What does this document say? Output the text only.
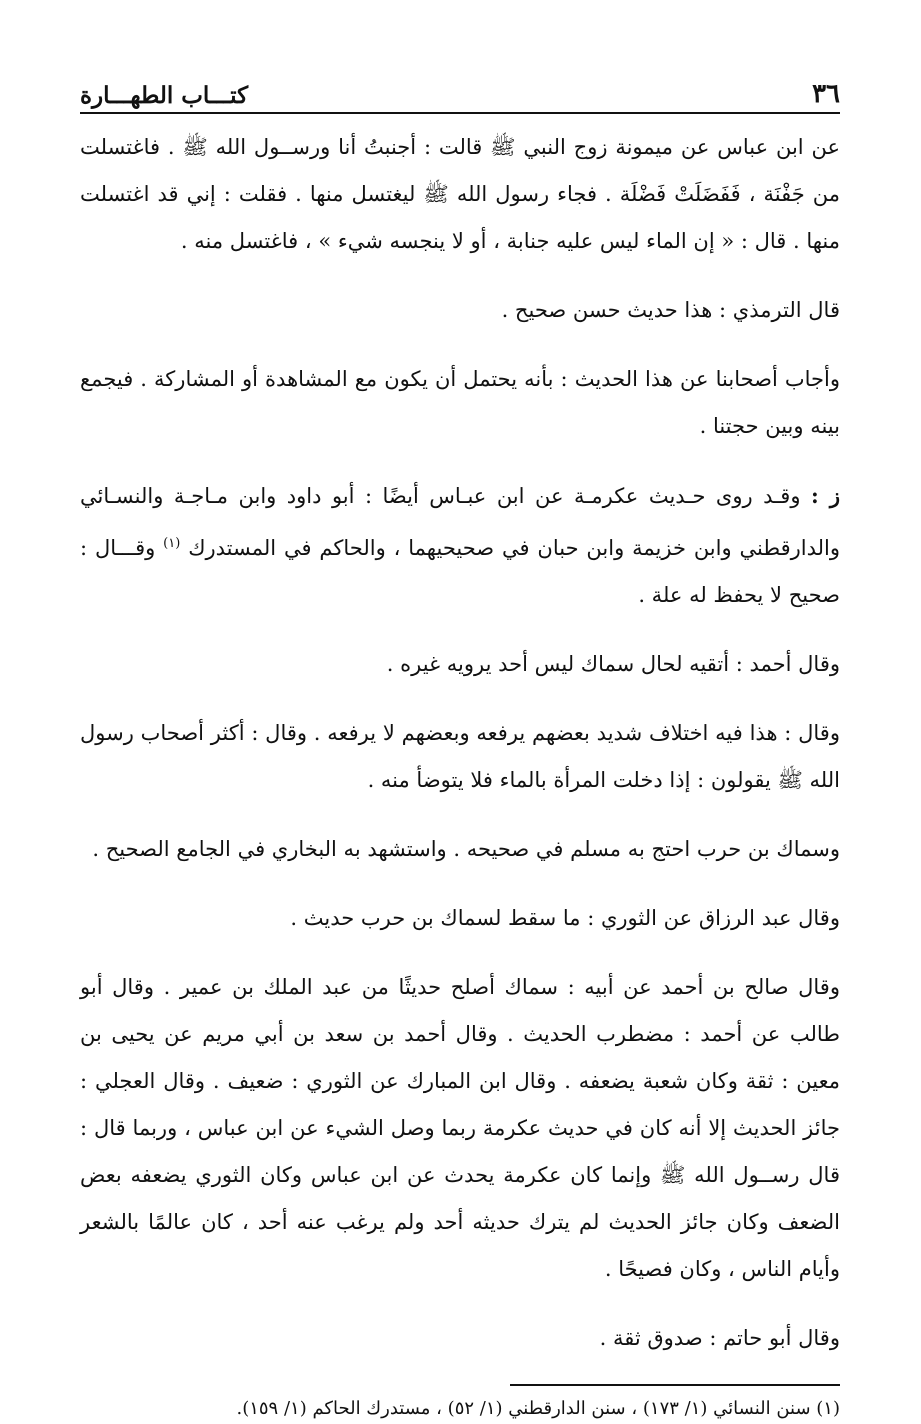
٣٦
كتـــاب الطهـــارة

عن ابن عباس عن ميمونة زوج النبي ﷺ قالت : أجنبتُ أنا ورســول الله ﷺ . فاغتسلت من جَفْنَة ، فَفَضَلَتْ فَضْلَة . فجاء رسول الله ﷺ ليغتسل منها . فقلت : إني قد اغتسلت منها . قال : « إن الماء ليس عليه جنابة ، أو لا ينجسه شيء » ، فاغتسل منه .

قال الترمذي : هذا حديث حسن صحيح .

وأجاب أصحابنا عن هذا الحديث : بأنه يحتمل أن يكون مع المشاهدة أو المشاركة . فيجمع بينه وبين حجتنا .

ز : وقـد روى حـديث عكرمـة عن ابن عبـاس أيضًا : أبو داود وابن مـاجـة والنسـائي والدارقطني وابن خزيمة وابن حبان في صحيحيهما ، والحاكم في المستدرك $^{(١)}$ وقـــال : صحيح لا يحفظ له علة .

وقال أحمد : أتقيه لحال سماك ليس أحد يرويه غيره .

وقال : هذا فيه اختلاف شديد بعضهم يرفعه وبعضهم لا يرفعه . وقال : أكثر أصحاب رسول الله ﷺ يقولون : إذا دخلت المرأة بالماء فلا يتوضأ منه .

وسماك بن حرب احتج به مسلم في صحيحه . واستشهد به البخاري في الجامع الصحيح .

وقال عبد الرزاق عن الثوري : ما سقط لسماك بن حرب حديث .

وقال صالح بن أحمد عن أبيه : سماك أصلح حديثًا من عبد الملك بن عمير . وقال أبو طالب عن أحمد : مضطرب الحديث . وقال أحمد بن سعد بن أبي مريم عن يحيى بن معين : ثقة وكان شعبة يضعفه . وقال ابن المبارك عن الثوري : ضعيف . وقال العجلي : جائز الحديث إلا أنه كان في حديث عكرمة ربما وصل الشيء عن ابن عباس ، وربما قال : قال رســول الله ﷺ وإنما كان عكرمة يحدث عن ابن عباس وكان الثوري يضعفه بعض الضعف وكان جائز الحديث لم يترك حديثه أحد ولم يرغب عنه أحد ، كان عالمًا بالشعر وأيام الناس ، وكان فصيحًا .

وقال أبو حاتم : صدوق ثقة .

(١) سنن النسائي (١/ ١٧٣) ، سنن الدارقطني (١/ ٥٢) ، مستدرك الحاكم (١/ ١٥٩).
